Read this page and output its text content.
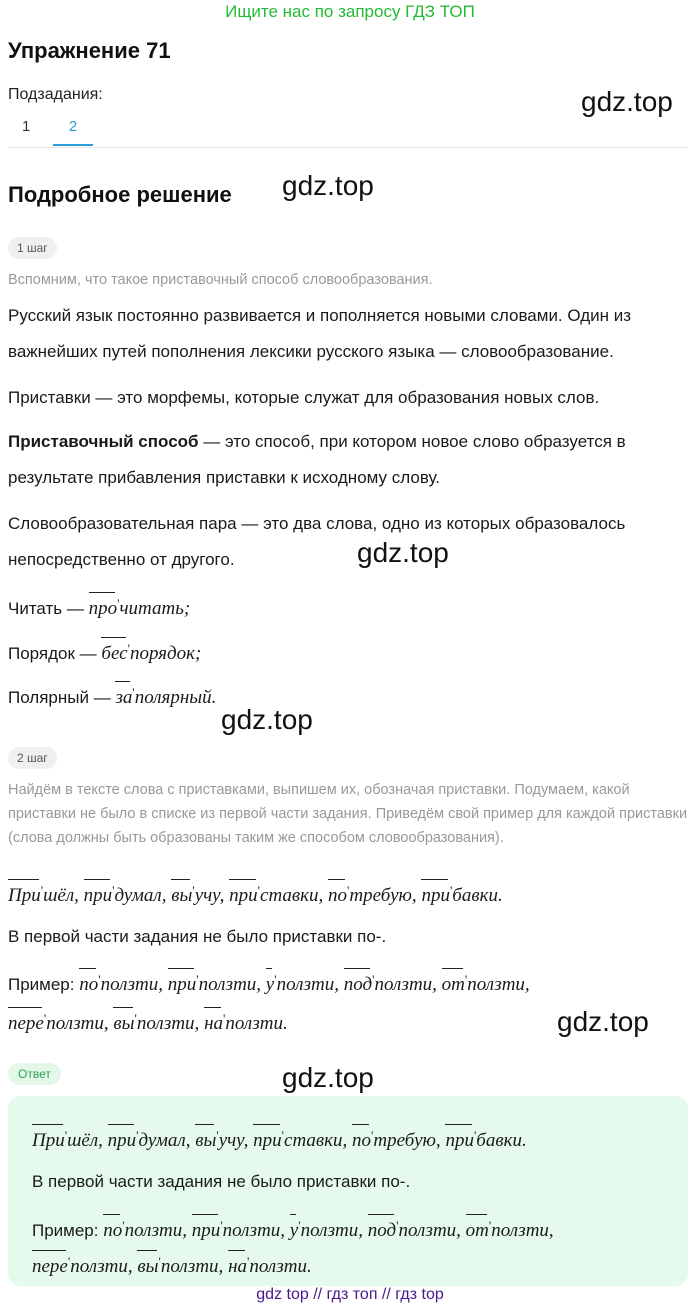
Ищите нас по запросу ГДЗ ТОП
Упражнение 71
Подзадания:
1	2
gdz.top
Подробное решение gdz.top
1 шаг
Вспомним, что такое приставочный способ словообразования.
Русский язык постоянно развивается и пополняется новыми словами. Один из важнейших путей пополнения лексики русского языка — словообразование.
Приставки — это морфемы, которые служат для образования новых слов.
Приставочный способ — это способ, при котором новое слово образуется в результате прибавления приставки к исходному слову.
Словообразовательная пара — это два слова, одно из которых образовалось непосредственно от другого.	gdz.top
Читать — про'читать;
Порядок — бес'порядок;
Полярный — за'полярный.
gdz.top
2 шаг
Найдём в тексте слова с приставками, выпишем их, обозначая приставки. Подумаем, какой приставки не было в списке из первой части задания. Приведём свой пример для каждой приставки (слова должны быть образованы таким же способом словообразования).
При'шёл, при'думал, вы'учу, при'ставки, по'требую, при'бавки.
В первой части задания не было приставки по-.
Пример: по'ползти, при'ползти, у'ползти, под'ползти, от'ползти,
пере'ползти, вы'ползти, на'ползти.	gdz.top
Ответ	gdz.top
При'шёл, при'думал, вы'учу, при'ставки, по'требую, при'бавки.
В первой части задания не было приставки по-.
Пример: по'ползти, при'ползти, у'ползти, под'ползти, от'ползти,
пере'ползти, вы'ползти, на'ползти.
gdz top // гдз топ // гдз top
